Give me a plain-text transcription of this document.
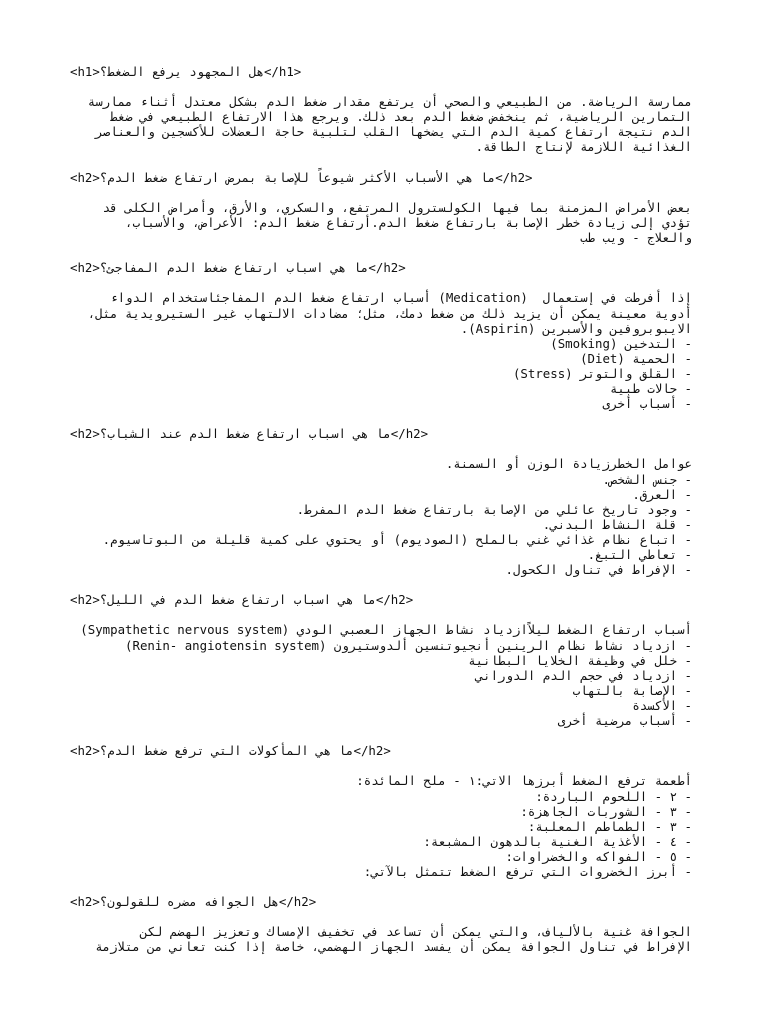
<h1>هل المجهود يرفع الضغط؟</h1>
ممارسة الرياضة. من الطبيعي والصحي أن يرتفع مقدار ضغط الدم بشكل معتدل أثناء ممارسة
التمارين الرياضية، ثم ينخفض ضغط الدم بعد ذلك. ويرجع هذا الارتفاع الطبيعي في ضغط
الدم نتيجة ارتفاع كمية الدم التي يضخها القلب لتلبية حاجة العضلات للأكسجين والعناصر
الغذائية اللازمة لإنتاج الطاقة.
<h2>ما هي الأسباب الأكثر شيوعاً للإصابة بمرض ارتفاع ضغط الدم؟</h2>
بعض الأمراض المزمنة بما فيها الكولسترول المرتفع، والسكري، والأرق، وأمراض الكلى قد
تؤدي إلى زيادة خطر الإصابة بارتفاع ضغط الدم.أرتفاع ضغط الدم: الأعراض، والأسباب،
والعلاج - ويب طب
<h2>ما هي اسباب ارتفاع ضغط الدم المفاجئ؟</h2>
إذا أفرطت في إستعمال  (Medication) أسباب ارتفاع ضغط الدم المفاجئاستخدام الدواء
أدوية معينة يمكن أن يزيد ذلك من ضغط دمك، مثل؛ مضادات الالتهاب غير الستيرويدية مثل،
الايبوبروفين والأسبرين (Aspirin).
- التدخين (Smoking)
- الحمية (Diet)
- القلق والتوتر (Stress)
- حالات طبية
- أسباب أخرى
<h2>ما هي اسباب ارتفاع ضغط الدم عند الشباب؟</h2>
عوامل الخطرزيادة الوزن أو السمنة.
- جنس الشخص.
- العرق.
- وجود تاريخ عائلي من الإصابة بارتفاع ضغط الدم المفرط.
- قلة النشاط البدني.
- اتباع نظام غذائي غني بالملح (الصوديوم) أو يحتوي على كمية قليلة من البوتاسيوم.
- تعاطي التبغ.
- الإفراط في تناول الكحول.
<h2>ما هي اسباب ارتفاع ضغط الدم في الليل؟</h2>
أسباب ارتفاع الضغط ليلاًازدياد نشاط الجهاز العصبي الودي (Sympathetic nervous system)
- ازدياد نشاط نظام الرينين أنجيوتنسين ألدوستيرون (Renin- angiotensin system)
- خلل في وظيفة الخلايا البطانية
- ازدياد في حجم الدم الدوراني
- الإصابة بالتهاب
- الأكسدة
- أسباب مرضية أخرى
<h2>ما هي المأكولات التي ترفع ضغط الدم؟</h2>
أطعمة ترفع الضغط أبرزها الاتي:١ - ملح المائدة:
- ٢ - اللحوم الباردة:
- ٣ - الشوربات الجاهزة:
- ٣ - الطماطم المعلبة:
- ٤ - الأغذية الغنية بالدهون المشبعة:
- ٥ - الفواكه والخضراوات:
- أبرز الخضروات التي ترفع الضغط تتمثل بالآتي:
<h2>هل الجوافه مضره للقولون؟</h2>
الجوافة غنية بالألياف، والتي يمكن أن تساعد في تخفيف الإمساك وتعزيز الهضم لكن
الإفراط في تناول الجوافة يمكن أن يفسد الجهاز الهضمي، خاصة إذا كنت تعاني من متلازمة
